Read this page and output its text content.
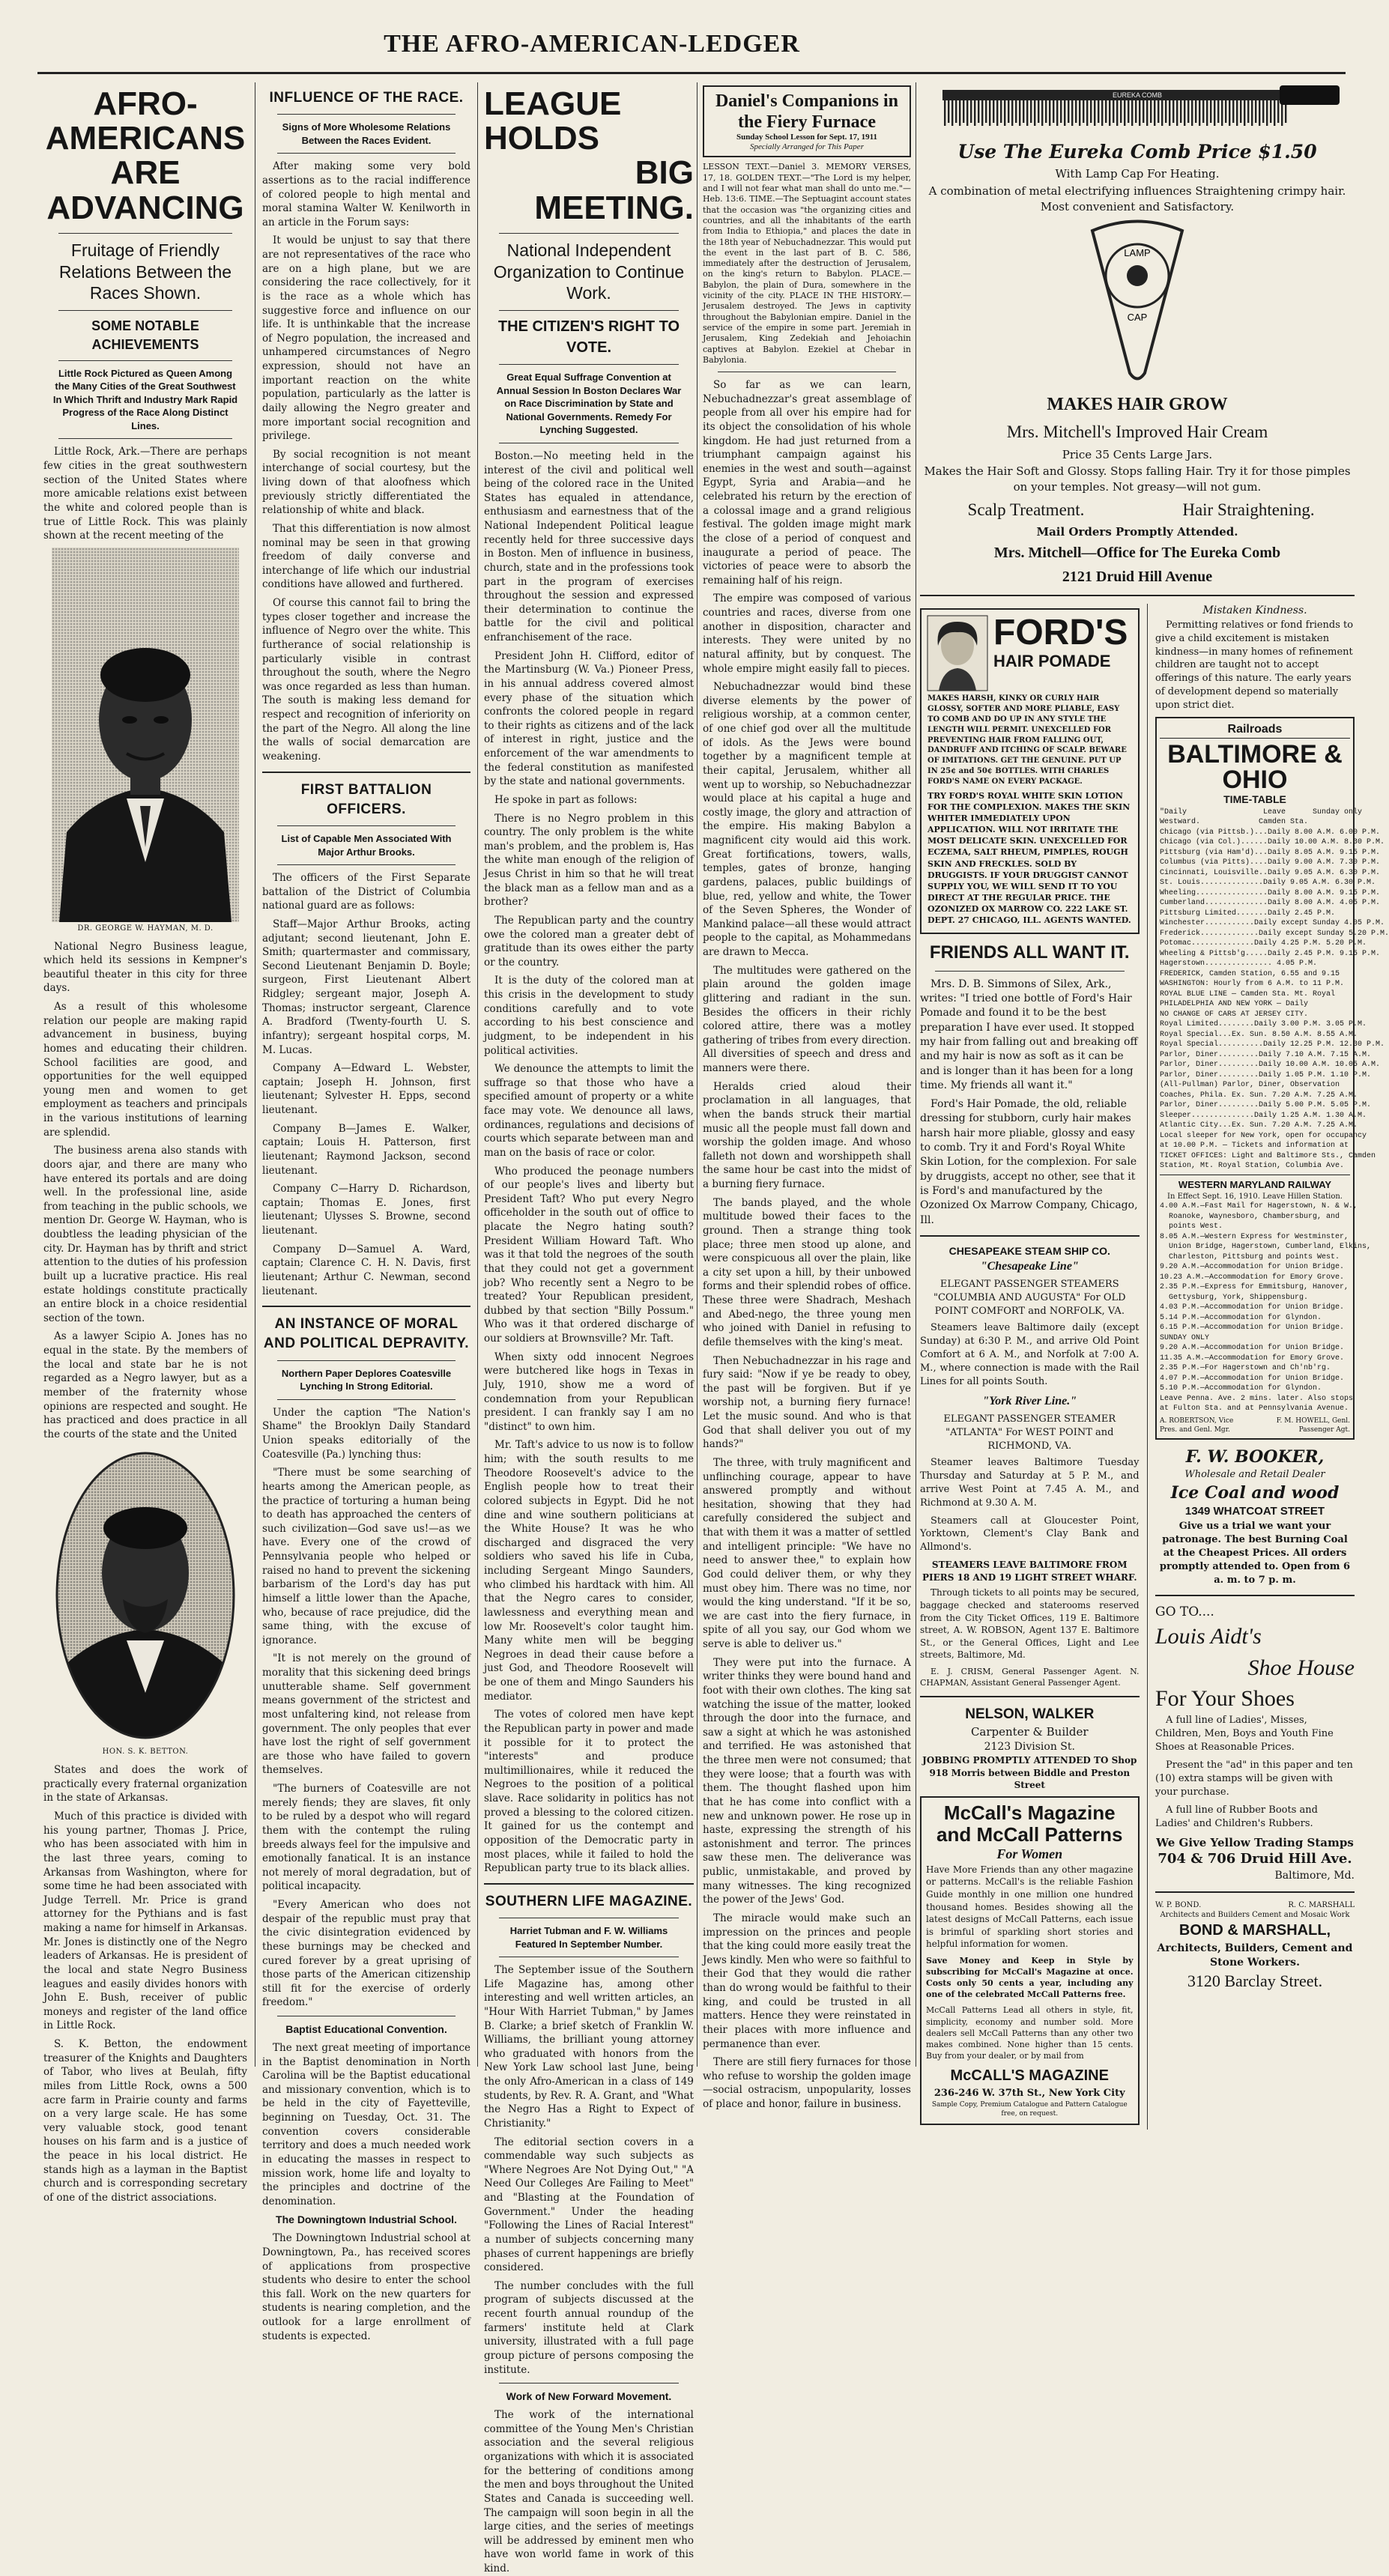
THE AFRO-AMERICAN-LEDGER
AFRO-AMERICANS
ARE ADVANCING
Fruitage of Friendly Relations Between the Races Shown.
SOME NOTABLE ACHIEVEMENTS
Little Rock Pictured as Queen Among the Many Cities of the Great Southwest In Which Thrift and Industry Mark Rapid Progress of the Race Along Distinct Lines.

Little Rock, Ark.—There are perhaps few cities in the great southwestern section of the United States where more amicable relations exist between the white and colored people than is true of Little Rock. This was plainly shown at the recent meeting of the

DR. GEORGE W. HAYMAN, M. D.

National Negro Business league, which held its sessions in Kempner's beautiful theater in this city for three days.

As a result of this wholesome relation our people are making rapid advancement in business, buying homes and educating their children. School facilities are good, and opportunities for the well equipped young men and women to get employment as teachers and principals in the various institutions of learning are splendid.

The business arena also stands with doors ajar, and there are many who have entered its portals and are doing well. In the professional line, aside from teaching in the public schools, we mention Dr. George W. Hayman, who is doubtless the leading physician of the city. Dr. Hayman has by thrift and strict attention to the duties of his profession built up a lucrative practice. His real estate holdings constitute practically an entire block in a choice residential section of the town.

As a lawyer Scipio A. Jones has no equal in the state. By the members of the local and state bar he is not regarded as a Negro lawyer, but as a member of the fraternity whose opinions are respected and sought. He has practiced and does practice in all the courts of the state and the United

HON. S. K. BETTON.

States and does the work of practically every fraternal organization in the state of Arkansas.

Much of this practice is divided with his young partner, Thomas J. Price, who has been associated with him in the last three years, coming to Arkansas from Washington, where for some time he had been associated with Judge Terrell. Mr. Price is grand attorney for the Pythians and is fast making a name for himself in Arkansas. Mr. Jones is distinctly one of the Negro leaders of Arkansas. He is president of the local and state Negro Business leagues and easily divides honors with John E. Bush, receiver of public moneys and register of the land office in Little Rock.

S. K. Betton, the endowment treasurer of the Knights and Daughters of Tabor, who lives at Beulah, fifty miles from Little Rock, owns a 500 acre farm in Prairie county and farms on a very large scale. He has some very valuable stock, good tenant houses on his farm and is a justice of the peace in his local district. He stands high as a layman in the Baptist church and is corresponding secretary of one of the district associations.

INFLUENCE OF THE RACE.
Signs of More Wholesome Relations Between the Races Evident.

After making some very bold assertions as to the racial indifference of colored people to high mental and moral stamina Walter W. Kenilworth in an article in the Forum says:

It would be unjust to say that there are not representatives of the race who are on a high plane, but we are considering the race collectively, for it is the race as a whole which has suggestive force and influence on our life. It is unthinkable that the increase of Negro population, the increased and unhampered circumstances of Negro expression, should not have an important reaction on the white population, particularly as the latter is daily allowing the Negro greater and more important social recognition and privilege.

By social recognition is not meant interchange of social courtesy, but the living down of that aloofness which previously strictly differentiated the relationship of white and black.

That this differentiation is now almost nominal may be seen in that growing freedom of daily converse and interchange of life which our industrial conditions have allowed and furthered.

Of course this cannot fail to bring the types closer together and increase the influence of Negro over the white. This furtherance of social relationship is particularly visible in contrast throughout the south, where the Negro was once regarded as less than human. The south is making less demand for respect and recognition of inferiority on the part of the Negro. All along the line the walls of social demarcation are weakening.

FIRST BATTALION OFFICERS.
List of Capable Men Associated With Major Arthur Brooks.

The officers of the First Separate battalion of the District of Columbia national guard are as follows:

Staff—Major Arthur Brooks, acting adjutant; second lieutenant, John E. Smith; quartermaster and commissary, Second Lieutenant Benjamin D. Boyle; surgeon, First Lieutenant Albert Ridgley; sergeant major, Joseph A. Thomas; instructor sergeant, Clarence A. Bradford (Twenty-fourth U. S. infantry); sergeant hospital corps, M. M. Lucas.

Company A—Edward L. Webster, captain; Joseph H. Johnson, first lieutenant; Sylvester H. Epps, second lieutenant.

Company B—James E. Walker, captain; Louis H. Patterson, first lieutenant; Raymond Jackson, second lieutenant.

Company C—Harry D. Richardson, captain; Thomas E. Jones, first lieutenant; Ulysses S. Browne, second lieutenant.

Company D—Samuel A. Ward, captain; Clarence C. H. N. Davis, first lieutenant; Arthur C. Newman, second lieutenant.

AN INSTANCE OF MORAL AND POLITICAL DEPRAVITY.
Northern Paper Deplores Coatesville Lynching In Strong Editorial.

Under the caption "The Nation's Shame" the Brooklyn Daily Standard Union speaks editorially of the Coatesville (Pa.) lynching thus:

"There must be some searching of hearts among the American people, as the practice of torturing a human being to death has approached the centers of such civilization—God save us!—as we have. Every one of the crowd of Pennsylvania people who helped or raised no hand to prevent the sickening barbarism of the Lord's day has put himself a little lower than the Apache, who, because of race prejudice, did the same thing, with the excuse of ignorance.

"It is not merely on the ground of morality that this sickening deed brings unutterable shame. Self government means government of the strictest and most unfaltering kind, not release from government. The only peoples that ever have lost the right of self government are those who have failed to govern themselves.

"The burners of Coatesville are not merely fiends; they are slaves, fit only to be ruled by a despot who will regard them with the contempt the ruling breeds always feel for the impulsive and emotionally fanatical. It is an instance not merely of moral degradation, but of political incapacity.

"Every American who does not despair of the republic must pray that the civic disintegration evidenced by these burnings may be checked and cured forever by a great uprising of those parts of the American citizenship still fit for the exercise of orderly freedom."

Baptist Educational Convention.

The next great meeting of importance in the Baptist denomination in North Carolina will be the Baptist educational and missionary convention, which is to be held in the city of Fayetteville, beginning on Tuesday, Oct. 31. The convention covers considerable territory and does a much needed work in educating the masses in respect to mission work, home life and loyalty to the principles and doctrine of the denomination.

The Downingtown Industrial School.

The Downingtown Industrial school at Downingtown, Pa., has received scores of applications from prospective students who desire to enter the school this fall. Work on the new quarters for students is nearing completion, and the outlook for a large enrollment of students is expected.

LEAGUE HOLDS
BIG MEETING.
National Independent Organization to Continue Work.
THE CITIZEN'S RIGHT TO VOTE.
Great Equal Suffrage Convention at Annual Session In Boston Declares War on Race Discrimination by State and National Governments. Remedy For Lynching Suggested.

Boston.—No meeting held in the interest of the civil and political well being of the colored race in the United States has equaled in attendance, enthusiasm and earnestness that of the National Independent Political league recently held for three successive days in Boston. Men of influence in business, church, state and in the professions took part in the program of exercises throughout the session and expressed their determination to continue the battle for the civil and political enfranchisement of the race.

President John H. Clifford, editor of the Martinsburg (W. Va.) Pioneer Press, in his annual address covered almost every phase of the situation which confronts the colored people in regard to their rights as citizens and of the lack of interest in right, justice and the enforcement of the war amendments to the federal constitution as manifested by the state and national governments.

He spoke in part as follows:

There is no Negro problem in this country. The only problem is the white man's problem, and the problem is, Has the white man enough of the religion of Jesus Christ in him so that he will treat the black man as a fellow man and as a brother?

The Republican party and the country owe the colored man a greater debt of gratitude than its owes either the party or the country.

It is the duty of the colored man at this crisis in the development to study conditions carefully and to vote according to his best conscience and judgment, to be independent in his political activities.

We denounce the attempts to limit the suffrage so that those who have a specified amount of property or a white face may vote. We denounce all laws, ordinances, regulations and decisions of courts which separate between man and man on the basis of race or color.

Who produced the peonage numbers of our people's lives and liberty but President Taft? Who put every Negro officeholder in the south out of office to placate the Negro hating south? President William Howard Taft. Who was it that told the negroes of the south that they could not get a government job? Who recently sent a Negro to be treated? Your Republican president, dubbed by that section "Billy Possum." Who was it that ordered discharge of our soldiers at Brownsville? Mr. Taft.

When sixty odd innocent Negroes were butchered like hogs in Texas in July, 1910, show me a word of condemnation from your Republican president. I can frankly say I am no "distinct" to own him.

Mr. Taft's advice to us now is to follow him; with the south results to me Theodore Roosevelt's advice to the English people how to treat their colored subjects in Egypt. Did he not dine and wine southern politicians at the White House? It was he who discharged and disgraced the very soldiers who saved his life in Cuba, including Sergeant Mingo Saunders, who climbed his hardtack with him. All that the Negro cares to consider, lawlessness and everything mean and low Mr. Roosevelt's color taught him. Many white men will be begging Negroes in dead their cause before a just God, and Theodore Roosevelt will be one of them and Mingo Saunders his mediator.

The votes of colored men have kept the Republican party in power and made it possible for it to protect the "interests" and produce multimillionaires, while it reduced the Negroes to the position of a political slave. Race solidarity in politics has not proved a blessing to the colored citizen. It gained for us the contempt and opposition of the Democratic party in most places, while it failed to hold the Republican party true to its black allies.

SOUTHERN LIFE MAGAZINE.
Harriet Tubman and F. W. Williams Featured In September Number.

The September issue of the Southern Life Magazine has, among other interesting and well written articles, an "Hour With Harriet Tubman," by James B. Clarke; a brief sketch of Franklin W. Williams, the brilliant young attorney who graduated with honors from the New York Law school last June, being the only Afro-American in a class of 149 students, by Rev. R. A. Grant, and "What the Negro Has a Right to Expect of Christianity."

The editorial section covers in a commendable way such subjects as "Where Negroes Are Not Dying Out," "A Need Our Colleges Are Failing to Meet" and "Blasting at the Foundation of Government." Under the heading "Following the Lines of Racial Interest" a number of subjects concerning many phases of current happenings are briefly considered.

The number concludes with the full program of subjects discussed at the recent fourth annual roundup of the farmers' institute held at Clark university, illustrated with a full page group picture of persons composing the institute.

Work of New Forward Movement.

The work of the international committee of the Young Men's Christian association and the several religious organizations with which it is associated for the bettering of conditions among the men and boys throughout the United States and Canada is succeeding well. The campaign will soon begin in all the large cities, and the series of meetings will be addressed by eminent men who have won world fame in work of this kind.

Daniel's Companions in the Fiery Furnace
Sunday School Lesson for Sept. 17, 1911
Specially Arranged for This Paper
LESSON TEXT.—Daniel 3. MEMORY VERSES, 17, 18. GOLDEN TEXT.—"The Lord is my helper, and I will not fear what man shall do unto me."—Heb. 13:6. TIME.—The Septuagint account states that the occasion was "the organizing cities and countries, and all the inhabitants of the earth from India to Ethiopia," and places the date in the 18th year of Nebuchadnezzar. This would put the event in the last part of B. C. 586, immediately after the destruction of Jerusalem, on the king's return to Babylon. PLACE.—Babylon, the plain of Dura, somewhere in the vicinity of the city. PLACE IN THE HISTORY.—Jerusalem destroyed. The Jews in captivity throughout the Babylonian empire. Daniel in the service of the empire in some part. Jeremiah in Jerusalem, King Zedekiah and Jehoiachin captives at Babylon. Ezekiel at Chebar in Babylonia.

So far as we can learn, Nebuchadnezzar's great assemblage of people from all over his empire had for its object the consolidation of his whole kingdom. He had just returned from a triumphant campaign against his enemies in the west and south—against Egypt, Syria and Arabia—and he celebrated his return by the erection of a colossal image and a grand religious festival. The golden image might mark the close of a period of conquest and inaugurate a period of peace. The victories of peace were to absorb the remaining half of his reign.

The empire was composed of various countries and races, diverse from one another in disposition, character and interests. They were united by no natural affinity, but by conquest. The whole empire might easily fall to pieces.

Nebuchadnezzar would bind these diverse elements by the power of religious worship, at a common center, of one chief god over all the multitude of idols. As the Jews were bound together by a magnificent temple at their capital, Jerusalem, whither all went up to worship, so Nebuchadnezzar would place at his capital a huge and costly image, the glory and attraction of the empire. His making Babylon a magnificent city would aid this work. Great fortifications, towers, walls, temples, gates of bronze, hanging gardens, palaces, public buildings of blue, red, yellow and white, the Tower of the Seven Spheres, the Wonder of Mankind palace—all these would attract people to the capital, as Mohammedans are drawn to Mecca.

The multitudes were gathered on the plain around the golden image glittering and radiant in the sun. Besides the officers in their richly colored attire, there was a motley gathering of tribes from every direction. All diversities of speech and dress and manners were there.

Heralds cried aloud their proclamation in all languages, that when the bands struck their martial music all the people must fall down and worship the golden image. And whoso falleth not down and worshippeth shall the same hour be cast into the midst of a burning fiery furnace.

The bands played, and the whole multitude bowed their faces to the ground. Then a strange thing took place; three men stood up alone, and were conspicuous all over the plain, like a city set upon a hill, by their unbowed forms and their splendid robes of office. These three were Shadrach, Meshach and Abed-nego, the three young men who joined with Daniel in refusing to defile themselves with the king's meat.

Then Nebuchadnezzar in his rage and fury said: "Now if ye be ready to obey, the past will be forgiven. But if ye worship not, a burning fiery furnace! Let the music sound. And who is that God that shall deliver you out of my hands?"

The three, with truly magnificent and unflinching courage, appear to have answered promptly and without hesitation, showing that they had carefully considered the subject and that with them it was a matter of settled and intelligent principle: "We have no need to answer thee," to explain how God could deliver them, or why they must obey him. There was no time, nor would the king understand. "If it be so, we are cast into the fiery furnace, in spite of all you say, our God whom we serve is able to deliver us."

They were put into the furnace. A writer thinks they were bound hand and foot with their own clothes. The king sat watching the issue of the matter, looked through the door into the furnace, and saw a sight at which he was astonished and terrified. He was astonished that the three men were not consumed; that they were loose; that a fourth was with them. The thought flashed upon him that he has come into conflict with a new and unknown power. He rose up in haste, expressing the strength of his astonishment and terror. The princes saw these men. The deliverance was public, unmistakable, and proved by many witnesses. The king recognized the power of the Jews' God.

The miracle would make such an impression on the princes and people that the king could more easily treat the Jews kindly. Men who were so faithful to their God that they would die rather than do wrong would be faithful to their king, and could be trusted in all matters. Hence they were reinstated in their places with more influence and permanence than ever.

There are still fiery furnaces for those who refuse to worship the golden image—social ostracism, unpopularity, losses of place and honor, failure in business.

EUREKA COMB
Use The Eureka Comb Price $1.50
With Lamp Cap For Heating.
A combination of metal electrifying influences Straightening crimpy hair. Most convenient and Satisfactory.
LAMP
CAP
MAKES HAIR GROW
Mrs. Mitchell's Improved Hair Cream
Price 35 Cents Large Jars.
Makes the Hair Soft and Glossy. Stops falling Hair. Try it for those pimples on your temples. Not greasy—will not gum.
Scalp Treatment.	Hair Straightening.
Mail Orders Promptly Attended.
Mrs. Mitchell—Office for The Eureka Comb
2121 Druid Hill Avenue
FORD'S
HAIR POMADE
MAKES HARSH, KINKY OR CURLY HAIR GLOSSY, SOFTER AND MORE PLIABLE, EASY TO COMB AND DO UP IN ANY STYLE THE LENGTH WILL PERMIT. UNEXCELLED FOR PREVENTING HAIR FROM FALLING OUT, DANDRUFF AND ITCHING OF SCALP. BEWARE OF IMITATIONS. GET THE GENUINE. PUT UP IN 25¢ and 50¢ BOTTLES. WITH CHARLES FORD'S NAME ON EVERY PACKAGE.
TRY FORD'S ROYAL WHITE SKIN LOTION FOR THE COMPLEXION. MAKES THE SKIN WHITER IMMEDIATELY UPON APPLICATION. WILL NOT IRRITATE THE MOST DELICATE SKIN. UNEXCELLED FOR ECZEMA, SALT RHEUM, PIMPLES, ROUGH SKIN AND FRECKLES. SOLD BY DRUGGISTS. IF YOUR DRUGGIST CANNOT SUPPLY YOU, WE WILL SEND IT TO YOU DIRECT AT THE REGULAR PRICE. THE OZONIZED OX MARROW CO. 222 LAKE ST. DEPT. 27 CHICAGO, ILL. AGENTS WANTED.
FRIENDS ALL WANT IT.

Mrs. D. B. Simmons of Silex, Ark., writes: "I tried one bottle of Ford's Hair Pomade and found it to be the best preparation I have ever used. It stopped my hair from falling out and breaking off and my hair is now as soft as it can be and is longer than it has been for a long time. My friends all want it."

Ford's Hair Pomade, the old, reliable dressing for stubborn, curly hair makes harsh hair more pliable, glossy and easy to comb. Try it and Ford's Royal White Skin Lotion, for the complexion. For sale by druggists, accept no other, see that it is Ford's and manufactured by the Ozonized Ox Marrow Company, Chicago, Ill.

CHESAPEAKE STEAM SHIP CO.
"Chesapeake Line"
ELEGANT PASSENGER STEAMERS "COLUMBIA AND AUGUSTA" For OLD POINT COMFORT and NORFOLK, VA.

Steamers leave Baltimore daily (except Sunday) at 6:30 P. M., and arrive Old Point Comfort at 6 A. M., and Norfolk at 7:00 A. M., where connection is made with the Rail Lines for all points South.

"York River Line."
ELEGANT PASSENGER STEAMER "ATLANTA" For WEST POINT and RICHMOND, VA.

Steamer leaves Baltimore Tuesday Thursday and Saturday at 5 P. M., and arrive West Point at 7.45 A. M., and Richmond at 9.30 A. M.

Steamers call at Gloucester Point, Yorktown, Clement's Clay Bank and Allmond's.

STEAMERS LEAVE BALTIMORE FROM PIERS 18 AND 19 LIGHT STREET WHARF.

Through tickets to all points may be secured, baggage checked and staterooms reserved from the City Ticket Offices, 119 E. Baltimore street, A. W. ROBSON, Agent 137 E. Baltimore St., or the General Offices, Light and Lee streets, Baltimore, Md.

E. J. CRISM, General Passenger Agent. N. CHAPMAN, Assistant General Passenger Agent.

NELSON, WALKER
Carpenter & Builder
2123 Division St.
JOBBING PROMPTLY ATTENDED TO Shop 918 Morris between Biddle and Preston Street
McCall's Magazine and McCall Patterns
For Women

Have More Friends than any other magazine or patterns. McCall's is the reliable Fashion Guide monthly in one million one hundred thousand homes. Besides showing all the latest designs of McCall Patterns, each issue is brimful of sparkling short stories and helpful information for women.

Save Money and Keep in Style by subscribing for McCall's Magazine at once. Costs only 50 cents a year, including any one of the celebrated McCall Patterns free.

McCall Patterns Lead all others in style, fit, simplicity, economy and number sold. More dealers sell McCall Patterns than any other two makes combined. None higher than 15 cents. Buy from your dealer, or by mail from

McCALL'S MAGAZINE
236-246 W. 37th St., New York City
Sample Copy, Premium Catalogue and Pattern Catalogue free, on request.
Mistaken Kindness.

Permitting relatives or fond friends to give a child excitement is mistaken kindness—in many homes of refinement children are taught not to accept offerings of this nature. The early years of development depend so materially upon strict diet.

Railroads
BALTIMORE & OHIO
TIME-TABLE
"Daily                 Leave      Sunday only
Westward.             Camden Sta.
Chicago (via Pittsb.)...Daily 8.00 A.M. 6.00 P.M.
Chicago (via Col.)......Daily 10.00 A.M. 8.30 P.M.
Pittsburg (via Ham'd)...Daily 8.05 A.M. 9.15 P.M.
Columbus (via Pitts)....Daily 9.00 A.M. 7.30 P.M.
Cincinnati, Louisville..Daily 9.05 A.M. 6.30 P.M.
St. Louis..............Daily 9.05 A.M. 6.30 P.M.
Wheeling................Daily 8.00 A.M. 9.15 P.M.
Cumberland..............Daily 8.00 A.M. 4.05 P.M.
Pittsburg Limited.......Daily 2.45 P.M.
Winchester...........Daily except Sunday 4.05 P.M.
Frederick.............Daily except Sunday 5.20 P.M.
Potomac..............Daily 4.25 P.M. 5.20 P.M.
Wheeling & Pittsb'g.....Daily 2.45 P.M. 9.15 P.M.
Hagerstown............... 4.05 P.M.
FREDERICK, Camden Station, 6.55 and 9.15
WASHINGTON: Hourly from 6 A.M. to 11 P.M.
ROYAL BLUE LINE — Camden Sta. Mt. Royal
PHILADELPHIA AND NEW YORK — Daily
NO CHANGE OF CARS AT JERSEY CITY.
Royal Limited........Daily 3.00 P.M. 3.05 P.M.
Royal Special...Ex. Sun. 8.50 A.M. 8.55 A.M.
Royal Special..........Daily 12.25 P.M. 12.30 P.M.
Parlor, Diner.........Daily 7.10 A.M. 7.15 A.M.
Parlor, Diner.........Daily 10.00 A.M. 10.05 A.M.
Parlor, Diner.........Daily 1.05 P.M. 1.10 P.M.
(All-Pullman) Parlor, Diner, Observation
Coaches, Phila. Ex. Sun. 7.20 A.M. 7.25 A.M.
Parlor, Diner.........Daily 5.00 P.M. 5.05 P.M.
Sleeper..............Daily 1.25 A.M. 1.30 A.M.
Atlantic City...Ex. Sun. 7.20 A.M. 7.25 A.M.
Local sleeper for New York, open for occupancy
at 10.00 P.M. — Tickets and information at
TICKET OFFICES: Light and Baltimore Sts., Camden
Station, Mt. Royal Station, Columbia Ave.
WESTERN MARYLAND RAILWAY
In Effect Sept. 16, 1910. Leave Hillen Station.
4.00 A.M.—Fast Mail for Hagerstown, N. & W.,
Roanoke, Waynesboro, Chambersburg, and
points West.
8.05 A.M.—Western Express for Westminster,
Union Bridge, Hagerstown, Cumberland, Elkins,
Charleston, Pittsburg and points West.
9.20 A.M.—Accommodation for Union Bridge.
10.23 A.M.—Accommodation for Emory Grove.
2.35 P.M.—Express for Emmitsburg, Hanover,
Gettysburg, York, Shippensburg.
4.03 P.M.—Accommodation for Union Bridge.
5.14 P.M.—Accommodation for Glyndon.
6.15 P.M.—Accommodation for Union Bridge.
SUNDAY ONLY
9.20 A.M.—Accommodation for Union Bridge.
11.35 A.M.—Accommodation for Emory Grove.
2.35 P.M.—For Hagerstown and Ch'nb'rg.
4.07 P.M.—Accommodation for Union Bridge.
5.10 P.M.—Accommodation for Glyndon.
Leave Penna. Ave. 2 mins. later. Also stops
at Fulton Sta. and at Pennsylvania Avenue.
A. ROBERTSON, Vice Pres. and Genl. Mgr.
F. M. HOWELL, Genl. Passenger Agt.
F. W. BOOKER,
Wholesale and Retail Dealer
Ice Coal and wood
1349 WHATCOAT STREET
Give us a trial we want your patronage. The best Burning Coal at the Cheapest Prices. All orders promptly attended to. Open from 6 a. m. to 7 p. m.
GO TO....
Louis Aidt's
Shoe House
For Your Shoes

A full line of Ladies', Misses, Children, Men, Boys and Youth Fine Shoes at Reasonable Prices.

Present the "ad" in this paper and ten (10) extra stamps will be given with your purchase.

A full line of Rubber Boots and Ladies' and Children's Rubbers.

We Give Yellow Trading Stamps
704 & 706 Druid Hill Ave.
Baltimore, Md.
W. P. BOND.	R. C. MARSHALL
Architects and Builders Cement and Mosaic Work
BOND & MARSHALL,
Architects, Builders, Cement and Stone Workers.
3120 Barclay Street.
